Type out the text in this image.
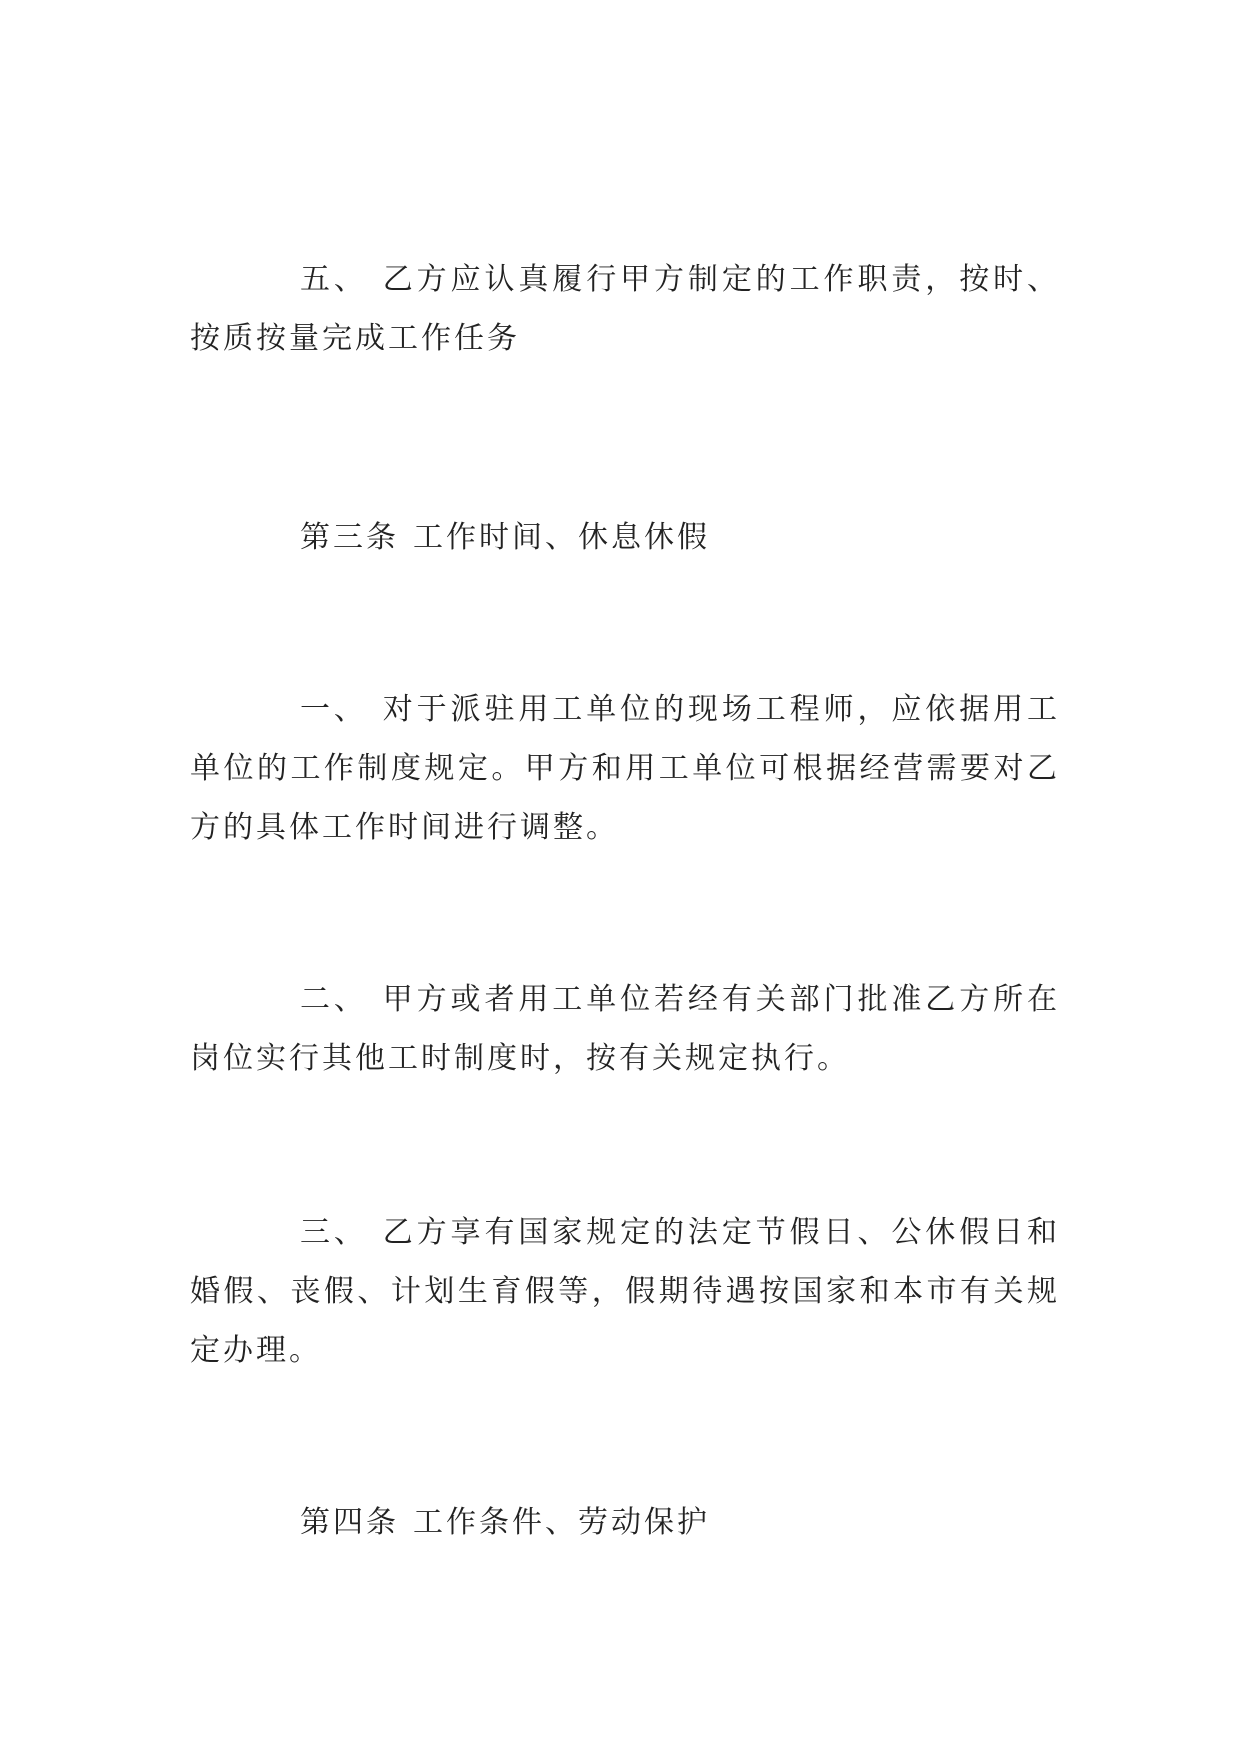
五、 乙方应认真履行甲方制定的工作职责，按时、按质按量完成工作任务

第三条 工作时间、休息休假

一、 对于派驻用工单位的现场工程师，应依据用工单位的工作制度规定。甲方和用工单位可根据经营需要对乙方的具体工作时间进行调整。

二、 甲方或者用工单位若经有关部门批准乙方所在岗位实行其他工时制度时，按有关规定执行。

三、 乙方享有国家规定的法定节假日、公休假日和婚假、丧假、计划生育假等，假期待遇按国家和本市有关规定办理。

第四条 工作条件、劳动保护
